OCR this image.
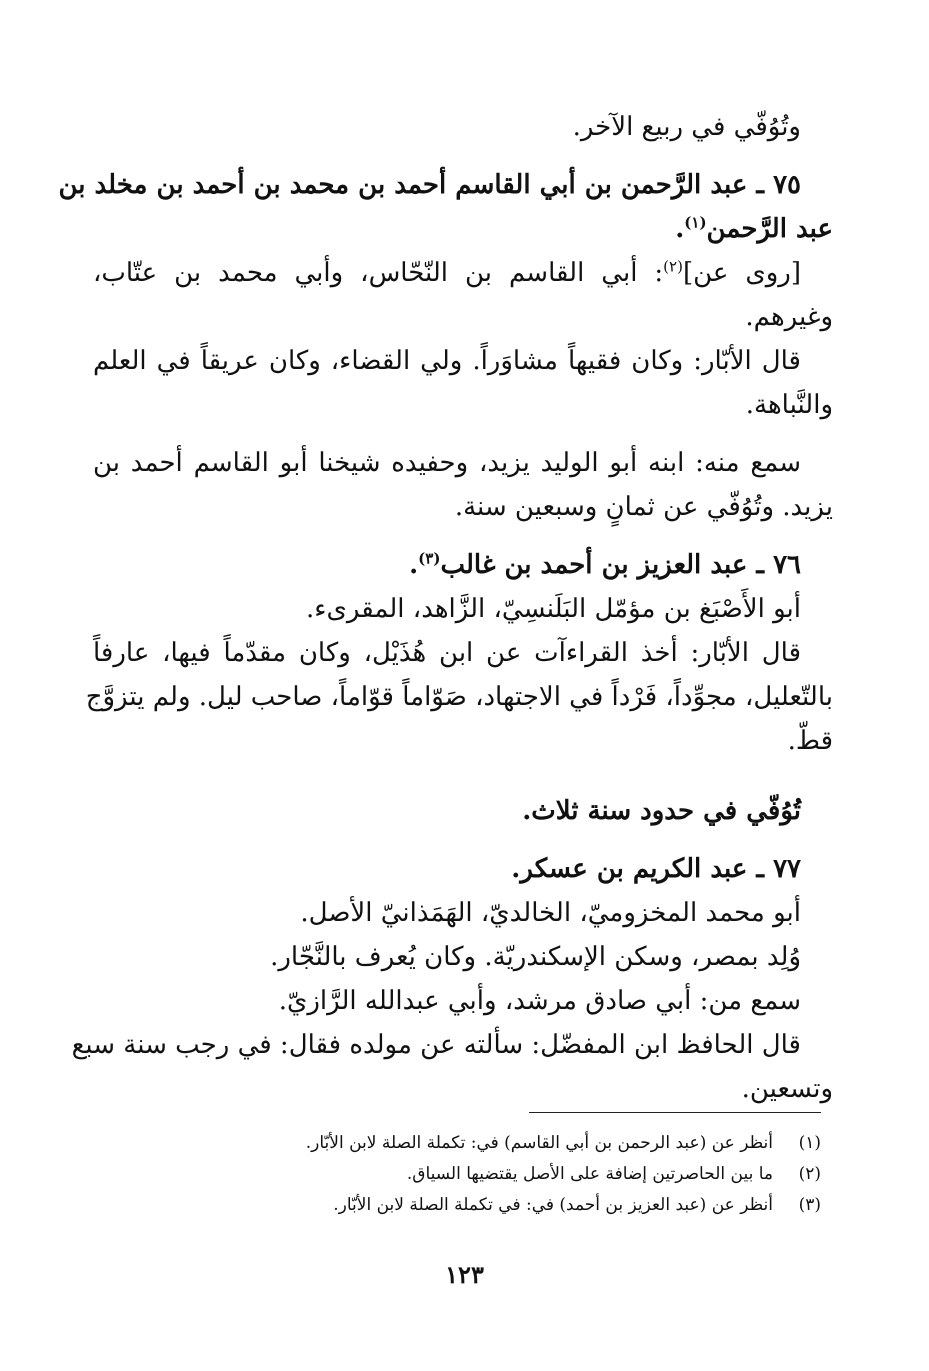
وتُوُفّي في ربيع الآخر.
٧٥ ـ عبد الرَّحمن بن أبي القاسم أحمد بن محمد بن أحمد بن مخلد بن
عبد الرَّحمن$^{(١)}$.
[روى عن]$^{(٢)}$: أبي القاسم بن النّحّاس، وأبي محمد بن عتّاب،
وغيرهم.
قال الأبّار: وكان فقيهاً مشاوَراً. ولي القضاء، وكان عريقاً في العلم
والنَّباهة.
سمع منه: ابنه أبو الوليد يزيد، وحفيده شيخنا أبو القاسم أحمد بن
يزيد. وتُوُفّي عن ثمانٍ وسبعين سنة.
٧٦ ـ عبد العزيز بن أحمد بن غالب$^{(٣)}$.
أبو الأَصْبَغ بن مؤمّل البَلَنسِيّ، الزَّاهد، المقرىء.
قال الأبّار: أخذ القراءآت عن ابن هُذَيْل، وكان مقدّماً فيها، عارفاً
بالتّعليل، مجوِّداً، فَرْداً في الاجتهاد، صَوّاماً قوّاماً، صاحب ليل. ولم يتزوَّج
قطّ.
تُوُفّي في حدود سنة ثلاث.
٧٧ ـ عبد الكريم بن عسكر.
أبو محمد المخزوميّ، الخالديّ، الهَمَذانيّ الأصل.
وُلِد بمصر، وسكن الإسكندريّة. وكان يُعرف بالنَّجّار.
سمع من: أبي صادق مرشد، وأبي عبدالله الرَّازيّ.
قال الحافظ ابن المفضّل: سألته عن مولده فقال: في رجب سنة سبع
وتسعين.
(١)
أنظر عن (عبد الرحمن بن أبي القاسم) في: تكملة الصلة لابن الأبّار.
(٢)
ما بين الحاصرتين إضافة على الأصل يقتضيها السياق.
(٣)
أنظر عن (عبد العزيز بن أحمد) في: في تكملة الصلة لابن الأبّار.
١٢٣
